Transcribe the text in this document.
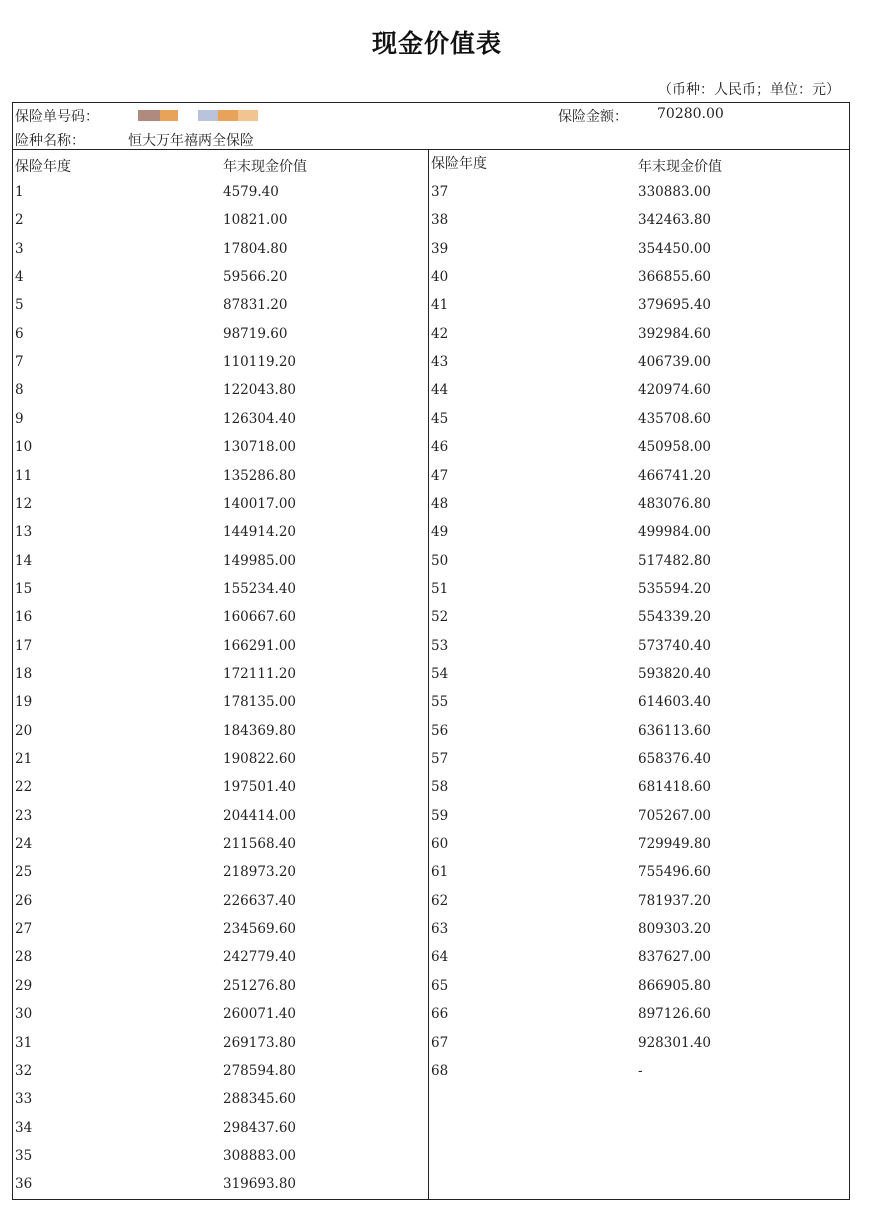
现金价值表
（币种：人民币；单位：元）
保险单号码：	保险金额： 70280.00
险种名称：	恒大万年禧两全保险
保险年度	年末现金价值	保险年度	年末现金价值
1	4579.40
2	10821.00
3	17804.80
4	59566.20
5	87831.20
6	98719.60
7	110119.20
8	122043.80
9	126304.40
10	130718.00
11	135286.80
12	140017.00
13	144914.20
14	149985.00
15	155234.40
16	160667.60
17	166291.00
18	172111.20
19	178135.00
20	184369.80
21	190822.60
22	197501.40
23	204414.00
24	211568.40
25	218973.20
26	226637.40
27	234569.60
28	242779.40
29	251276.80
30	260071.40
31	269173.80
32	278594.80
33	288345.60
34	298437.60
35	308883.00
36	319693.80
37	330883.00
38	342463.80
39	354450.00
40	366855.60
41	379695.40
42	392984.60
43	406739.00
44	420974.60
45	435708.60
46	450958.00
47	466741.20
48	483076.80
49	499984.00
50	517482.80
51	535594.20
52	554339.20
53	573740.40
54	593820.40
55	614603.40
56	636113.60
57	658376.40
58	681418.60
59	705267.00
60	729949.80
61	755496.60
62	781937.20
63	809303.20
64	837627.00
65	866905.80
66	897126.60
67	928301.40
68	-
